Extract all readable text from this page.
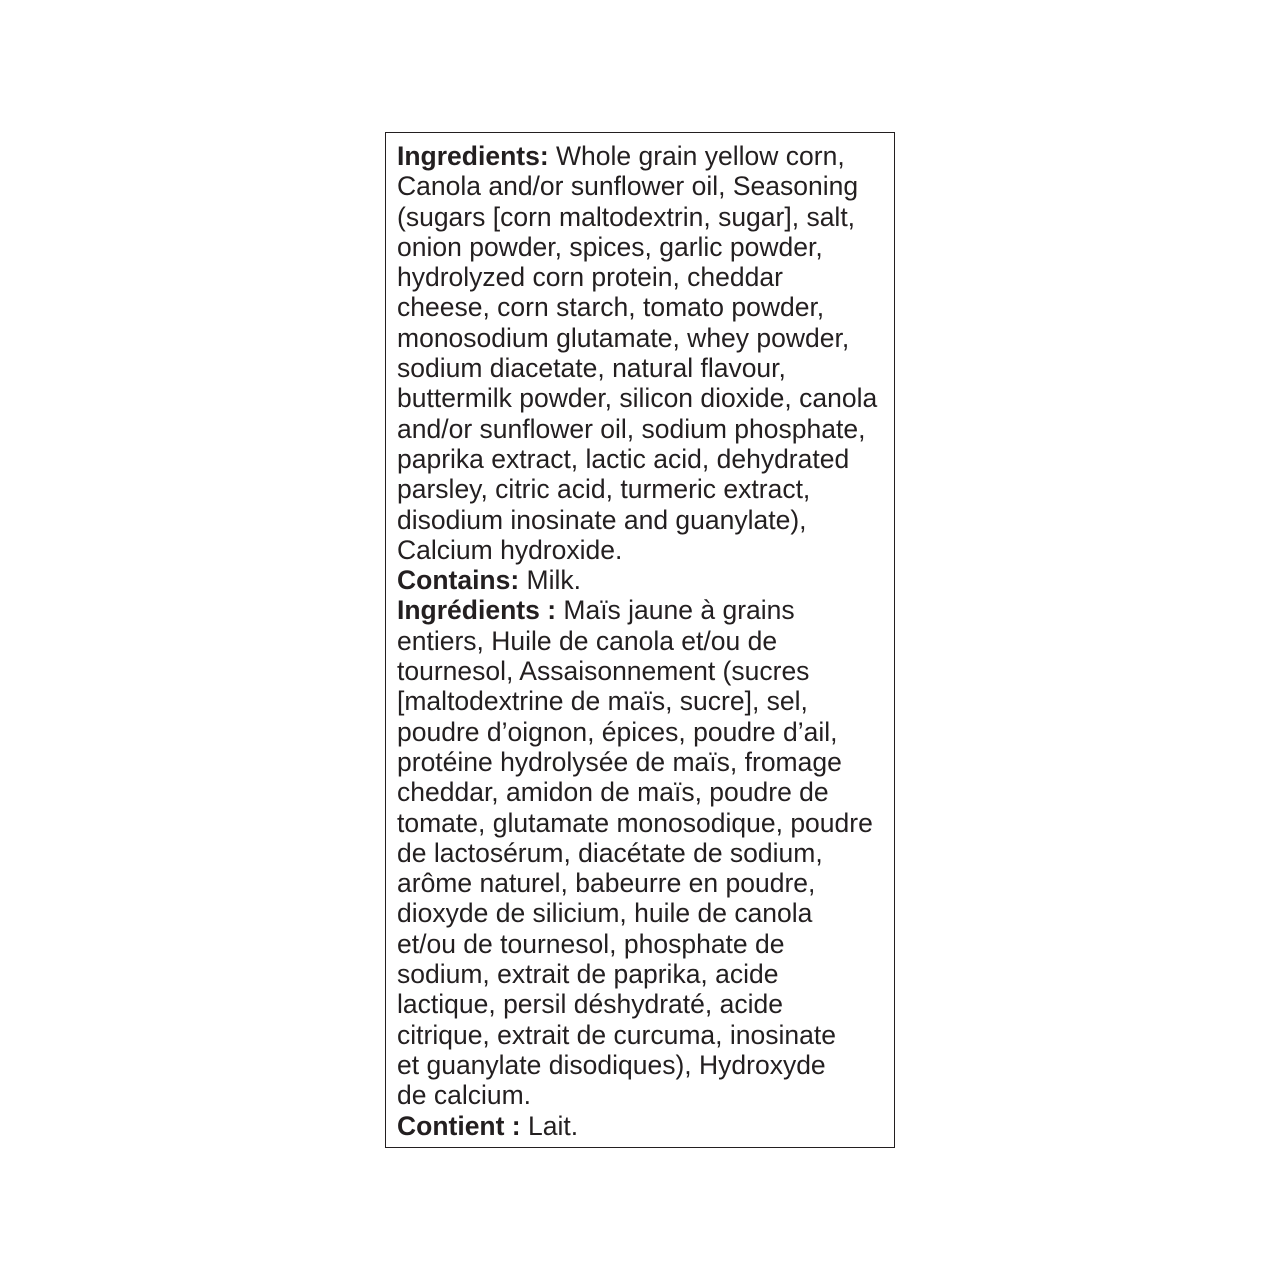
Ingredients: Whole grain yellow corn,
Canola and/or sunflower oil, Seasoning
(sugars [corn maltodextrin, sugar], salt,
onion powder, spices, garlic powder,
hydrolyzed corn protein, cheddar
cheese, corn starch, tomato powder,
monosodium glutamate, whey powder,
sodium diacetate, natural flavour,
buttermilk powder, silicon dioxide, canola
and/or sunflower oil, sodium phosphate,
paprika extract, lactic acid, dehydrated
parsley, citric acid, turmeric extract,
disodium inosinate and guanylate),
Calcium hydroxide.
Contains: Milk.
Ingrédients : Maïs jaune à grains
entiers, Huile de canola et/ou de
tournesol, Assaisonnement (sucres
[maltodextrine de maïs, sucre], sel,
poudre d’oignon, épices, poudre d’ail,
protéine hydrolysée de maïs, fromage
cheddar, amidon de maïs, poudre de
tomate, glutamate monosodique, poudre
de lactosérum, diacétate de sodium,
arôme naturel, babeurre en poudre,
dioxyde de silicium, huile de canola
et/ou de tournesol, phosphate de
sodium, extrait de paprika, acide
lactique, persil déshydraté, acide
citrique, extrait de curcuma, inosinate
et guanylate disodiques), Hydroxyde
de calcium.
Contient : Lait.
